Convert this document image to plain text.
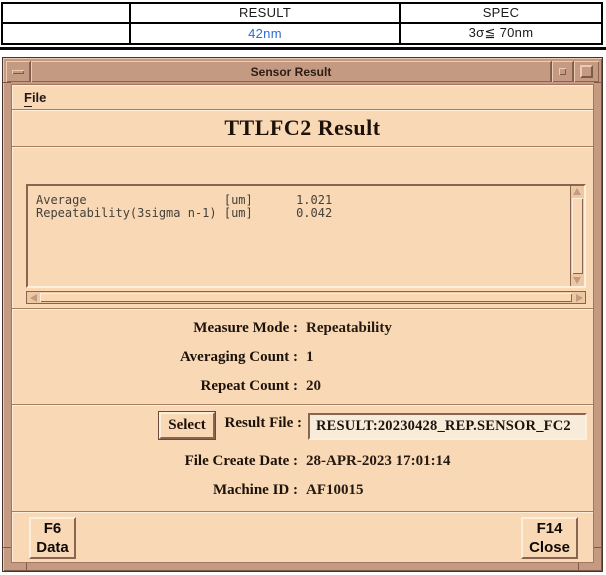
RESULT	SPEC
42nm	3σ≦ 70nm
Sensor Result
File
TTLFC2 Result
Average                   [um]      1.021
Repeatability(3sigma n-1) [um]      0.042
Measure Mode : Repeatability
Averaging Count : 1
Repeat Count : 20
Select	Result File :
RESULT:20230428_REP.SENSOR_FC2
File Create Date : 28-APR-2023 17:01:14
Machine ID : AF10015
F6
Data
F14
Close
